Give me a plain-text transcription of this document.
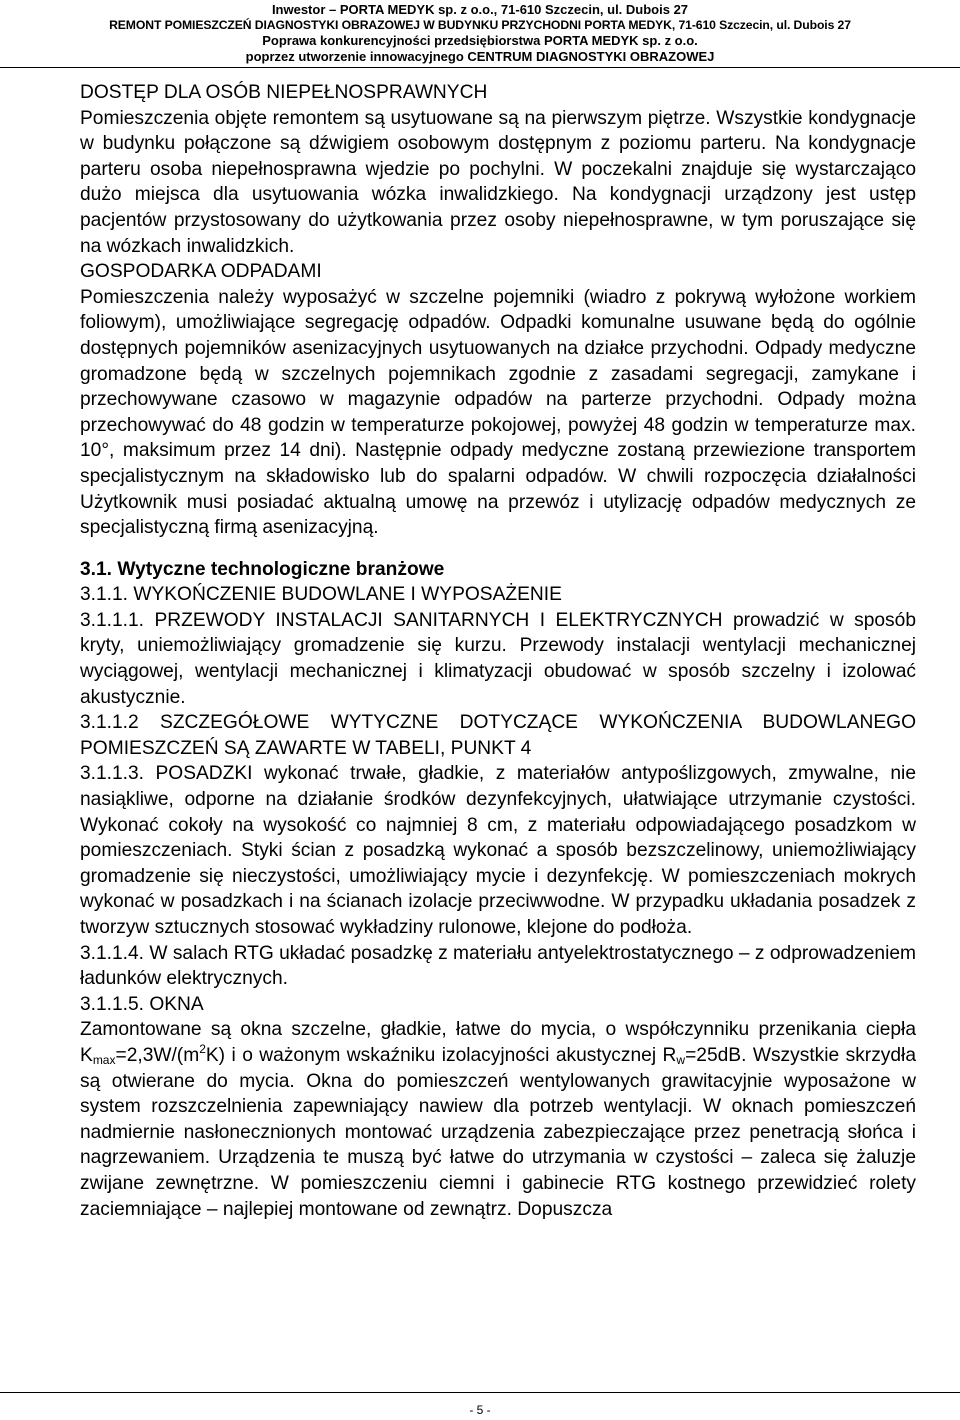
Inwestor – PORTA MEDYK sp. z o.o., 71-610 Szczecin, ul. Dubois 27
REMONT POMIESZCZEŃ DIAGNOSTYKI OBRAZOWEJ W BUDYNKU PRZYCHODNI PORTA MEDYK, 71-610 Szczecin, ul. Dubois 27
Poprawa konkurencyjności przedsiębiorstwa PORTA MEDYK sp. z o.o.
poprzez utworzenie innowacyjnego CENTRUM DIAGNOSTYKI OBRAZOWEJ

DOSTĘP DLA OSÓB NIEPEŁNOSPRAWNYCH

Pomieszczenia objęte remontem są usytuowane są na pierwszym piętrze. Wszystkie kondygnacje w budynku połączone są dźwigiem osobowym dostępnym z poziomu parteru. Na kondygnacje parteru osoba niepełnosprawna wjedzie po pochylni. W poczekalni znajduje się wystarczająco dużo miejsca dla usytuowania wózka inwalidzkiego. Na kondygnacji urządzony jest ustęp pacjentów przystosowany do użytkowania przez osoby niepełnosprawne, w tym poruszające się na wózkach inwalidzkich.

GOSPODARKA ODPADAMI

Pomieszczenia należy wyposażyć w szczelne pojemniki (wiadro z pokrywą wyłożone workiem foliowym), umożliwiające segregację odpadów. Odpadki komunalne usuwane będą do ogólnie dostępnych pojemników asenizacyjnych usytuowanych na działce przychodni. Odpady medyczne gromadzone będą w szczelnych pojemnikach zgodnie z zasadami segregacji, zamykane i przechowywane czasowo w magazynie odpadów na parterze przychodni. Odpady można przechowywać do 48 godzin w temperaturze pokojowej, powyżej 48 godzin w temperaturze max. 10°, maksimum przez 14 dni). Następnie odpady medyczne zostaną przewiezione transportem specjalistycznym na składowisko lub do spalarni odpadów. W chwili rozpoczęcia działalności Użytkownik musi posiadać aktualną umowę na przewóz i utylizację odpadów medycznych ze specjalistyczną firmą asenizacyjną.

3.1. Wytyczne technologiczne branżowe

3.1.1. WYKOŃCZENIE BUDOWLANE I WYPOSAŻENIE

3.1.1.1. PRZEWODY INSTALACJI SANITARNYCH I ELEKTRYCZNYCH prowadzić w sposób kryty, uniemożliwiający gromadzenie się kurzu. Przewody instalacji wentylacji mechanicznej wyciągowej, wentylacji mechanicznej i klimatyzacji obudować w sposób szczelny i izolować akustycznie.

3.1.1.2 SZCZEGÓŁOWE WYTYCZNE DOTYCZĄCE WYKOŃCZENIA BUDOWLANEGO POMIESZCZEŃ SĄ ZAWARTE W TABELI, PUNKT 4

3.1.1.3. POSADZKI wykonać trwałe, gładkie, z materiałów antypoślizgowych, zmywalne, nie nasiąkliwe, odporne na działanie środków dezynfekcyjnych, ułatwiające utrzymanie czystości. Wykonać cokoły na wysokość co najmniej 8 cm, z materiału odpowiadającego posadzkom w pomieszczeniach. Styki ścian z posadzką wykonać a sposób bezszczelinowy, uniemożliwiający gromadzenie się nieczystości, umożliwiający mycie i dezynfekcję. W pomieszczeniach mokrych wykonać w posadzkach i na ścianach izolacje przeciwwodne. W przypadku układania posadzek z tworzyw sztucznych stosować wykładziny rulonowe, klejone do podłoża.

3.1.1.4. W salach RTG układać posadzkę z materiału antyelektrostatycznego – z odprowadzeniem ładunków elektrycznych.

3.1.1.5. OKNA

Zamontowane są okna szczelne, gładkie, łatwe do mycia, o współczynniku przenikania ciepła $K_{max}=2,3W/(m^2K)$ i o ważonym wskaźniku izolacyjności akustycznej $R_w=25dB$. Wszystkie skrzydła są otwierane do mycia. Okna do pomieszczeń wentylowanych grawitacyjnie wyposażone w system rozszczelnienia zapewniający nawiew dla potrzeb wentylacji. W oknach pomieszczeń nadmiernie nasłonecznionych montować urządzenia zabezpieczające przez penetracją słońca i nagrzewaniem. Urządzenia te muszą być łatwe do utrzymania w czystości – zaleca się żaluzje zwijane zewnętrzne. W pomieszczeniu ciemni i gabinecie RTG kostnego przewidzieć rolety zaciemniające – najlepiej montowane od zewnątrz. Dopuszcza

- 5 -
